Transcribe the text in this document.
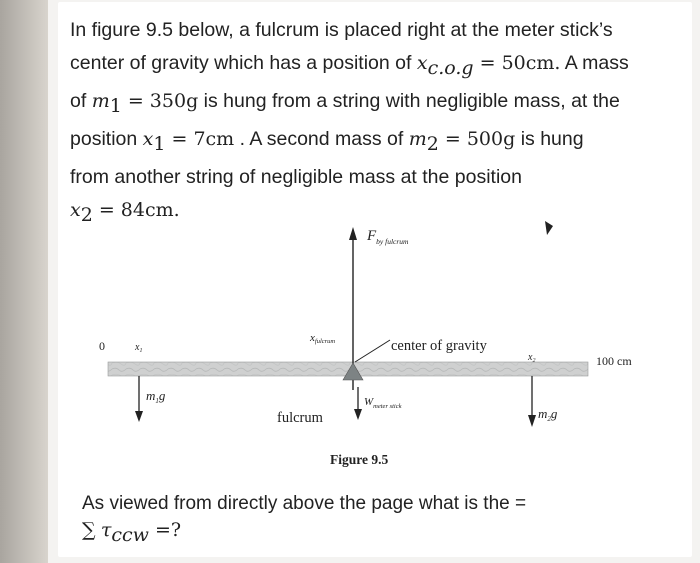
In figure 9.5 below, a fulcrum is placed right at the meter stick’s
center of gravity which has a position of $x_{c.o.g} = 50cm$. A mass
of $m_1 = 350g$ is hung from a string with negligible mass, at the
position $x_1 = 7cm$ . A second mass of $m_2 = 500g$ is hung
from another string of negligible mass at the position
$x_2 = 84cm$.
$F_{by fulcrum}$
$W_{meter stick}$
$m_1g$
$m_2g$
center of gravity
xfulcrum
0	$x_1$
$x_2$	100 cm
fulcrum
Figure 9.5
As viewed from directly above the page what is the =
∑ $\tau_{ccw}$ =?
